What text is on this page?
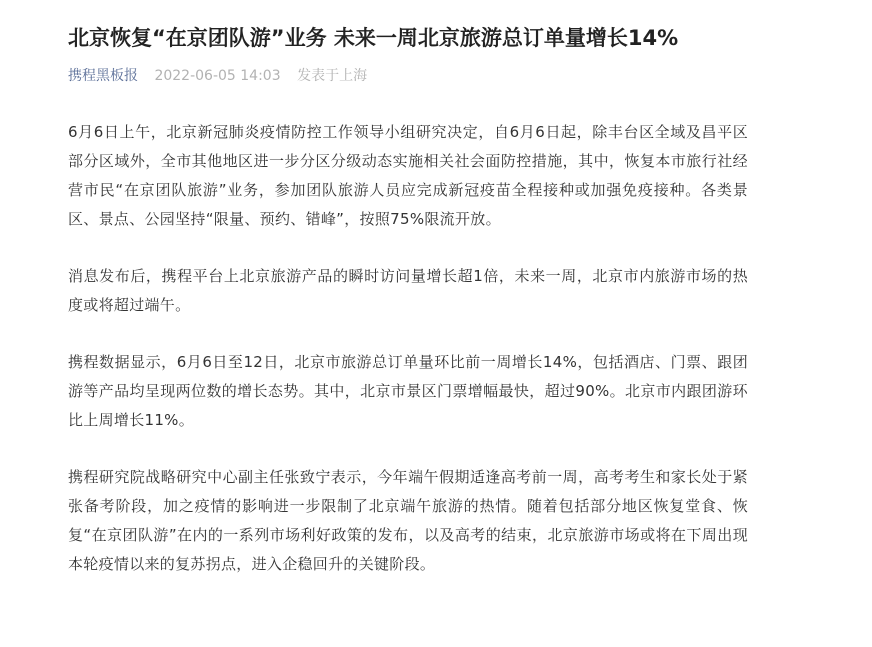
北京恢复“在京团队游”业务 未来一周北京旅游总订单量增长14%
携程黑板报 2022-06-05 14:03 发表于上海

6月6日上午，北京新冠肺炎疫情防控工作领导小组研究决定，自6月6日起，除丰台区全域及昌平区部分区域外，全市其他地区进一步分区分级动态实施相关社会面防控措施，其中，恢复本市旅行社经营市民“在京团队旅游”业务，参加团队旅游人员应完成新冠疫苗全程接种或加强免疫接种。各类景区、景点、公园坚持“限量、预约、错峰”，按照75%限流开放。

消息发布后，携程平台上北京旅游产品的瞬时访问量增长超1倍，未来一周，北京市内旅游市场的热度或将超过端午。

携程数据显示，6月6日至12日，北京市旅游总订单量环比前一周增长14%，包括酒店、门票、跟团游等产品均呈现两位数的增长态势。其中，北京市景区门票增幅最快，超过90%。北京市内跟团游环比上周增长11%。

携程研究院战略研究中心副主任张致宁表示，今年端午假期适逢高考前一周，高考考生和家长处于紧张备考阶段，加之疫情的影响进一步限制了北京端午旅游的热情。随着包括部分地区恢复堂食、恢复“在京团队游”在内的一系列市场利好政策的发布，以及高考的结束，北京旅游市场或将在下周出现本轮疫情以来的复苏拐点，进入企稳回升的关键阶段。
